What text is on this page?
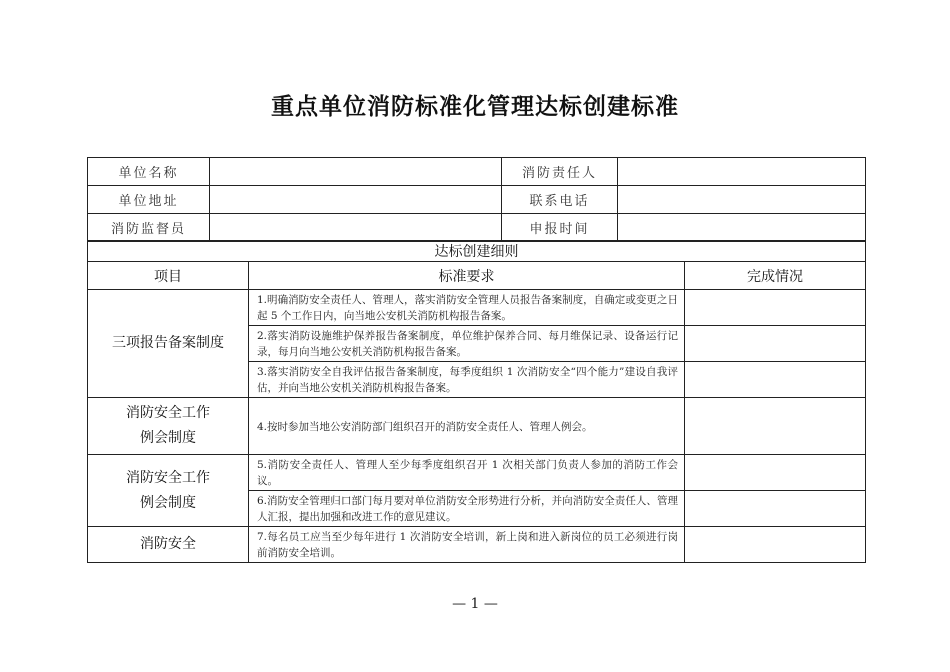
重点单位消防标准化管理达标创建标准
单位名称		消防责任人	
单位地址		联系电话	
消防监督员		申报时间	
达标创建细则		
项目	标准要求	完成情况
三项报告备案制度	1.明确消防安全责任人、管理人，落实消防安全管理人员报告备案制度，自确定或变更之日起 5 个工作日内，向当地公安机关消防机构报告备案。	
	2.落实消防设施维护保养报告备案制度，单位维护保养合同、每月维保记录、设备运行记录，每月向当地公安机关消防机构报告备案。	
	3.落实消防安全自我评估报告备案制度，每季度组织 1 次消防安全“四个能力”建设自我评估，并向当地公安机关消防机构报告备案。	

消防安全工作
例会制度	4.按时参加当地公安消防部门组织召开的消防安全责任人、管理人例会。	

消防安全工作
例会制度	5.消防安全责任人、管理人至少每季度组织召开 1 次相关部门负责人参加的消防工作会议。	
	6.消防安全管理归口部门每月要对单位消防安全形势进行分析，并向消防安全责任人、管理人汇报，提出加强和改进工作的意见建议。	
消防安全	7.每名员工应当至少每年进行 1 次消防安全培训，新上岗和进入新岗位的员工必须进行岗前消防安全培训。	
— 1 —
